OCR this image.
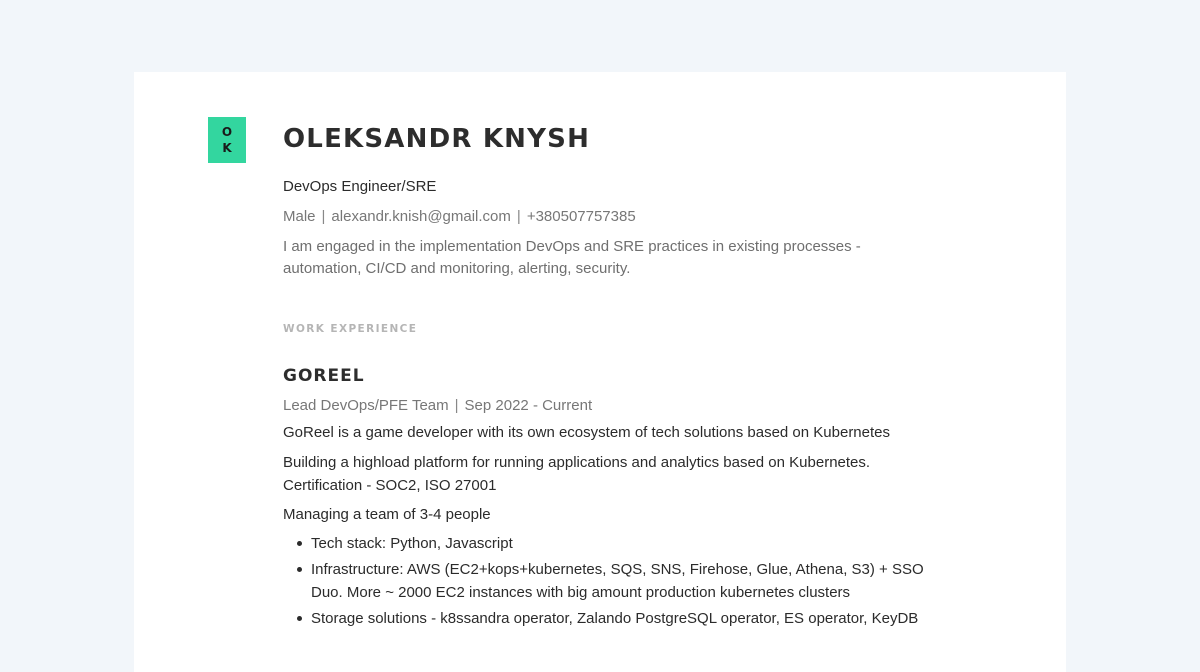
O
K OLEKSANDR KNYSH
DevOps Engineer/SRE
Male | alexandr.knish@gmail.com | +380507757385
I am engaged in the implementation DevOps and SRE practices in existing processes - automation, CI/CD and monitoring, alerting, security.
WORK EXPERIENCE
GOREEL
Lead DevOps/PFE Team | Sep 2022 - Current
GoReel is a game developer with its own ecosystem of tech solutions based on Kubernetes
Building a highload platform for running applications and analytics based on Kubernetes. Certification - SOC2, ISO 27001
Managing a team of 3-4 people
Tech stack: Python, Javascript
Infrastructure: AWS (EC2+kops+kubernetes, SQS, SNS, Firehose, Glue, Athena, S3) + SSO Duo. More ~ 2000 EC2 instances with big amount production kubernetes clusters
Storage solutions - k8ssandra operator, Zalando PostgreSQL operator, ES operator, KeyDB
